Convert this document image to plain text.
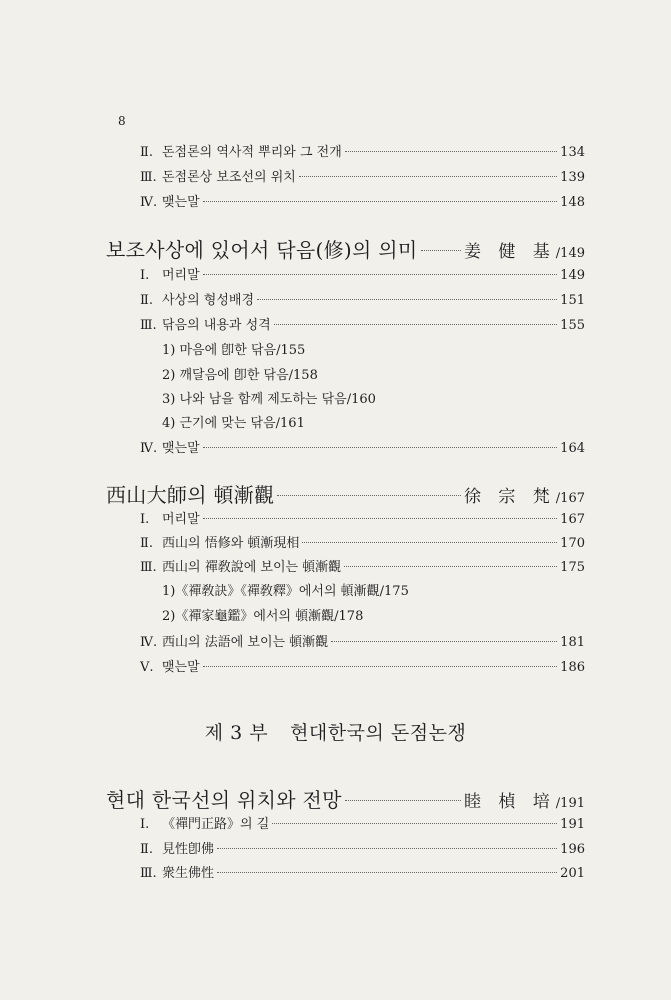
8
Ⅱ. 돈점론의 역사적 뿌리와 그 전개	134
Ⅲ. 돈점론상 보조선의 위치	139
Ⅳ. 맺는말	148
보조사상에 있어서 닦음(修)의 의미	姜 健 基 /149
Ⅰ. 머리말	149
Ⅱ. 사상의 형성배경	151
Ⅲ. 닦음의 내용과 성격	155
1) 마음에 卽한 닦음/155
2) 깨달음에 卽한 닦음/158
3) 나와 남을 함께 제도하는 닦음/160
4) 근기에 맞는 닦음/161
Ⅳ. 맺는말	164
西山大師의 頓漸觀	徐 宗 梵 /167
Ⅰ. 머리말	167
Ⅱ. 西山의 悟修와 頓漸現相	170
Ⅲ. 西山의 禪敎說에 보이는 頓漸觀	175
1)《禪敎訣》《禪敎釋》에서의 頓漸觀/175
2)《禪家龜鑑》에서의 頓漸觀/178
Ⅳ. 西山의 法語에 보이는 頓漸觀	181
Ⅴ. 맺는말	186
제 3 부 현대한국의 돈점논쟁
현대 한국선의 위치와 전망	睦 楨 培 /191
Ⅰ. 《禪門正路》의 길	191
Ⅱ. 見性卽佛	196
Ⅲ. 衆生佛性	201
